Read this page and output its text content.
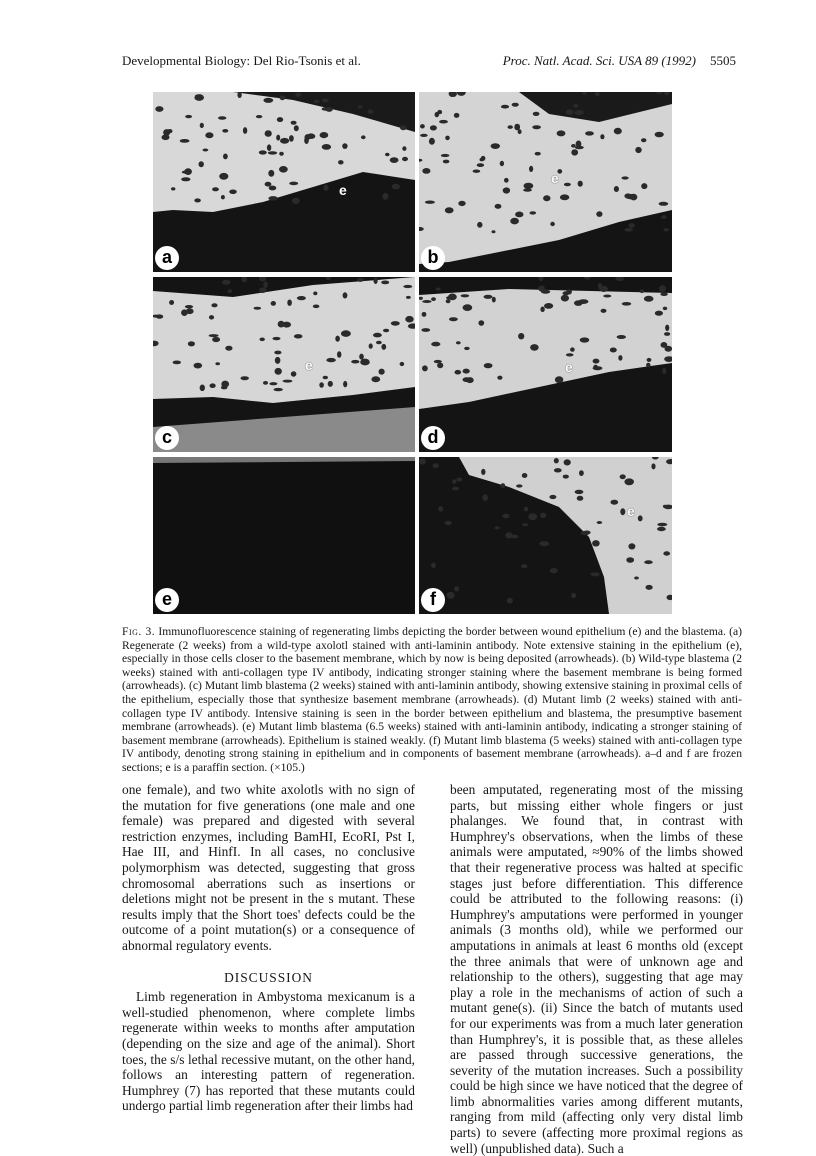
Developmental Biology: Del Rio-Tsonis et al.	Proc. Natl. Acad. Sci. USA 89 (1992) 5505
e
a
e
b
e
c
e
d
e
e
f
Fig. 3. Immunofluorescence staining of regenerating limbs depicting the border between wound epithelium (e) and the blastema. (a) Regenerate (2 weeks) from a wild-type axolotl stained with anti-laminin antibody. Note extensive staining in the epithelium (e), especially in those cells closer to the basement membrane, which by now is being deposited (arrowheads). (b) Wild-type blastema (2 weeks) stained with anti-collagen type IV antibody, indicating stronger staining where the basement membrane is being formed (arrowheads). (c) Mutant limb blastema (2 weeks) stained with anti-laminin antibody, showing extensive staining in proximal cells of the epithelium, especially those that synthesize basement membrane (arrowheads). (d) Mutant limb (2 weeks) stained with anti-collagen type IV antibody. Intensive staining is seen in the border between epithelium and blastema, the presumptive basement membrane (arrowheads). (e) Mutant limb blastema (6.5 weeks) stained with anti-laminin antibody, indicating a stronger staining of basement membrane (arrowheads). Epithelium is stained weakly. (f) Mutant limb blastema (5 weeks) stained with anti-collagen type IV antibody, denoting strong staining in epithelium and in components of basement membrane (arrowheads). a–d and f are frozen sections; e is a paraffin section. (×105.)

one female), and two white axolotls with no sign of the mutation for five generations (one male and one female) was prepared and digested with several restriction enzymes, including BamHI, EcoRI, Pst I, Hae III, and HinfI. In all cases, no conclusive polymorphism was detected, suggesting that gross chromosomal aberrations such as insertions or deletions might not be present in the s mutant. These results imply that the Short toes' defects could be the outcome of a point mutation(s) or a consequence of abnormal regulatory events.

DISCUSSION

Limb regeneration in Ambystoma mexicanum is a well-studied phenomenon, where complete limbs regenerate within weeks to months after amputation (depending on the size and age of the animal). Short toes, the s/s lethal recessive mutant, on the other hand, follows an interesting pattern of regeneration. Humphrey (7) has reported that these mutants could undergo partial limb regeneration after their limbs had

been amputated, regenerating most of the missing parts, but missing either whole fingers or just phalanges. We found that, in contrast with Humphrey's observations, when the limbs of these animals were amputated, ≈90% of the limbs showed that their regenerative process was halted at specific stages just before differentiation. This difference could be attributed to the following reasons: (i) Humphrey's amputations were performed in younger animals (3 months old), while we performed our amputations in animals at least 6 months old (except the three animals that were of unknown age and relationship to the others), suggesting that age may play a role in the mechanisms of action of such a mutant gene(s). (ii) Since the batch of mutants used for our experiments was from a much later generation than Humphrey's, it is possible that, as these alleles are passed through successive generations, the severity of the mutation increases. Such a possibility could be high since we have noticed that the degree of limb abnormalities varies among different mutants, ranging from mild (affecting only very distal limb parts) to severe (affecting more proximal regions as well) (unpublished data). Such a
